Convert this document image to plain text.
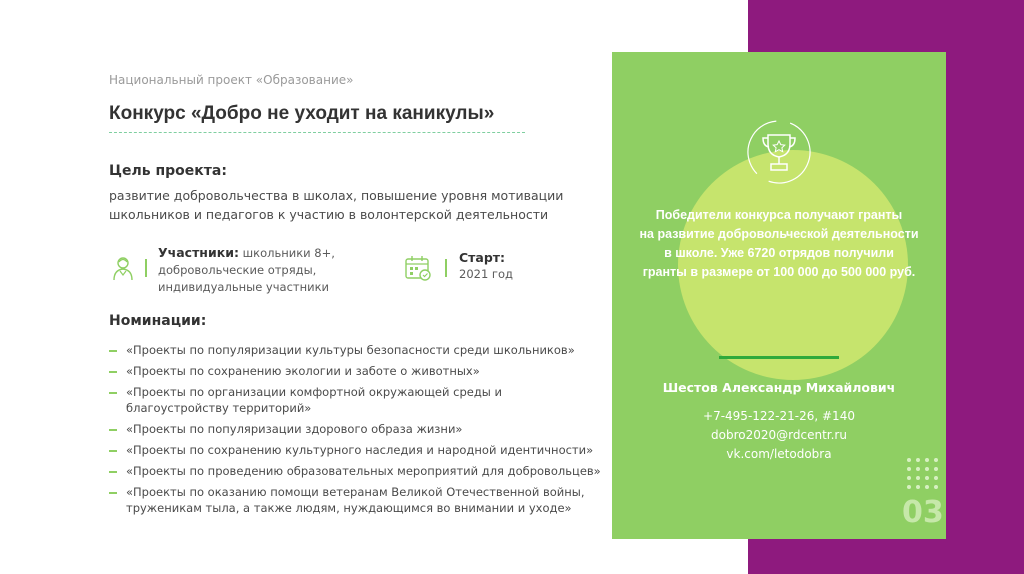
Национальный проект «Образование»
Конкурс «Добро не уходит на каникулы»
Цель проекта:
развитие добровольчества в школах, повышение уровня мотивации школьников и педагогов к участию в волонтерской деятельности
Участники: школьники 8+,
добровольческие отряды,
индивидуальные участники
Старт:
2021 год
Номинации:
«Проекты по популяризации культуры безопасности среди школьников»
«Проекты по сохранению экологии и заботе о животных»
«Проекты по организации комфортной окружающей среды и благоустройству территорий»
«Проекты по популяризации здорового образа жизни»
«Проекты по сохранению культурного наследия и народной идентичности»
«Проекты по проведению образовательных мероприятий для добровольцев»
«Проекты по оказанию помощи ветеранам Великой Отечественной войны, труженикам тыла, а также людям, нуждающимся во внимании и уходе»
Победители конкурса получают гранты
на развитие добровольческой деятельности
в школе. Уже 6720 отрядов получили
гранты в размере от 100 000 до 500 000 руб.
Шестов Александр Михайлович
+7-495-122-21-26, #140
dobro2020@rdcentr.ru
vk.com/letodobra
03
